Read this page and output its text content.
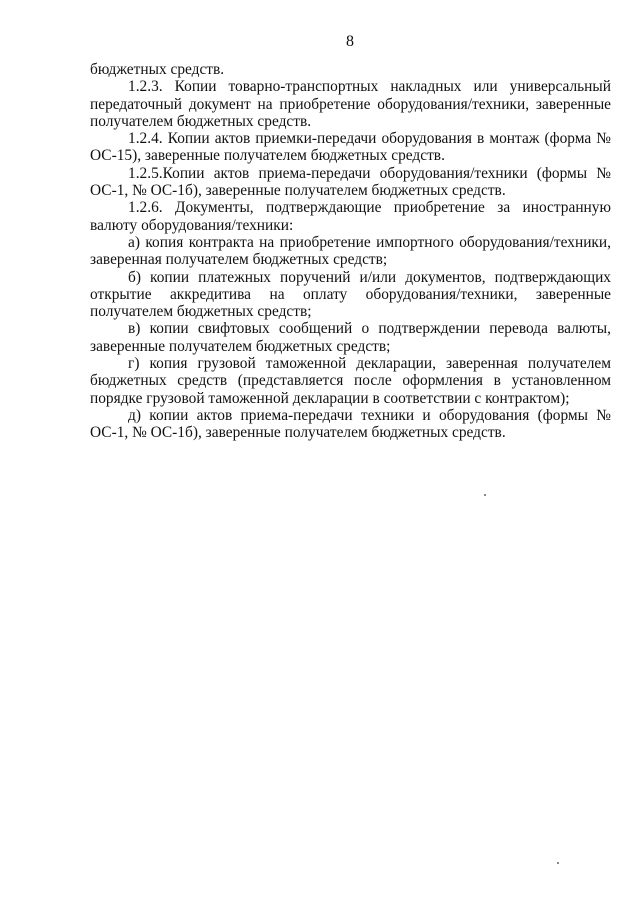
8

бюджетных средств.

1.2.3. Копии товарно-транспортных накладных или универсальный передаточный документ на приобретение оборудования/техники, заверенные получателем бюджетных средств.

1.2.4. Копии актов приемки-передачи оборудования в монтаж (форма № ОС-15), заверенные получателем бюджетных средств.

1.2.5.Копии актов приема-передачи оборудования/техники (формы № ОС-1, № ОС-1б), заверенные получателем бюджетных средств.

1.2.6. Документы, подтверждающие приобретение за иностранную валюту оборудования/техники:

а) копия контракта на приобретение импортного оборудования/техники, заверенная получателем бюджетных средств;

б) копии платежных поручений и/или документов, подтверждающих открытие аккредитива на оплату оборудования/техники, заверенные получателем бюджетных средств;

в) копии свифтовых сообщений о подтверждении перевода валюты, заверенные получателем бюджетных средств;

г) копия грузовой таможенной декларации, заверенная получателем бюджетных средств (представляется после оформления в установленном порядке грузовой таможенной декларации в соответствии с контрактом);

д) копии актов приема-передачи техники и оборудования (формы № ОС-1, № ОС-1б), заверенные получателем бюджетных средств.
